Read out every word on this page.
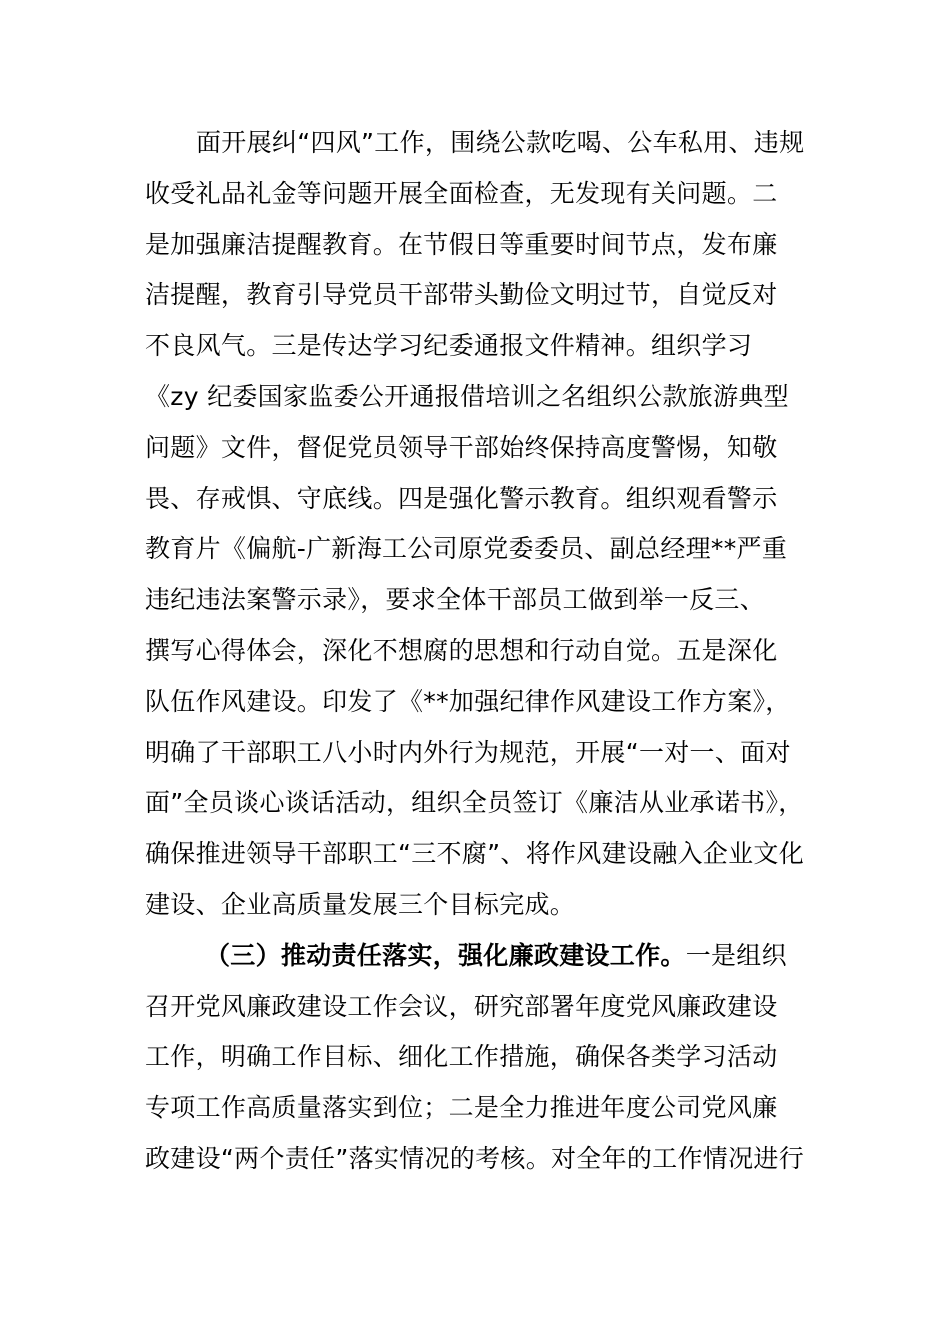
面开展纠“四风”工作，围绕公款吃喝、公车私用、违规
收受礼品礼金等问题开展全面检查，无发现有关问题。二
是加强廉洁提醒教育。在节假日等重要时间节点，发布廉
洁提醒，教育引导党员干部带头勤俭文明过节，自觉反对
不良风气。三是传达学习纪委通报文件精神。组织学习
《zy 纪委国家监委公开通报借培训之名组织公款旅游典型
问题》文件，督促党员领导干部始终保持高度警惕，知敬
畏、存戒惧、守底线。四是强化警示教育。组织观看警示
教育片《偏航-广新海工公司原党委委员、副总经理**严重
违纪违法案警示录》，要求全体干部员工做到举一反三、
撰写心得体会，深化不想腐的思想和行动自觉。五是深化
队伍作风建设。印发了《**加强纪律作风建设工作方案》，
明确了干部职工八小时内外行为规范，开展“一对一、面对
面”全员谈心谈话活动，组织全员签订《廉洁从业承诺书》，
确保推进领导干部职工“三不腐”、将作风建设融入企业文化
建设、企业高质量发展三个目标完成。
（三）推动责任落实，强化廉政建设工作。一是组织
召开党风廉政建设工作会议，研究部署年度党风廉政建设
工作，明确工作目标、细化工作措施，确保各类学习活动
专项工作高质量落实到位；二是全力推进年度公司党风廉
政建设“两个责任”落实情况的考核。对全年的工作情况进行
